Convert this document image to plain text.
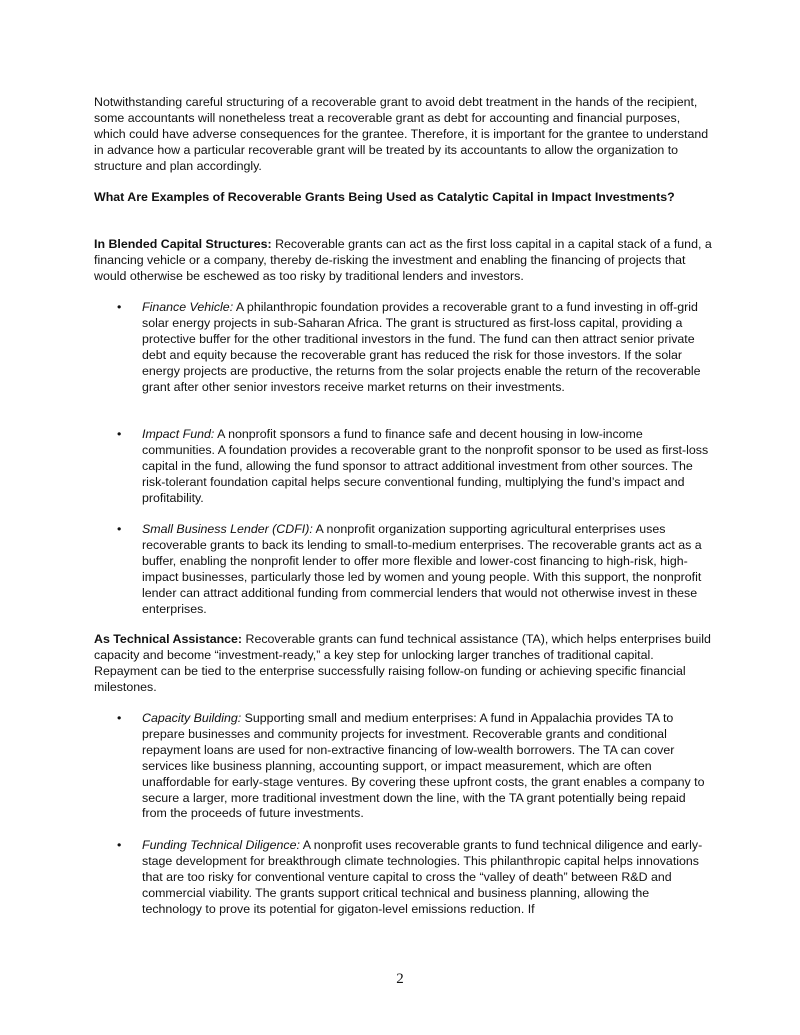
Notwithstanding careful structuring of a recoverable grant to avoid debt treatment in the hands of the recipient, some accountants will nonetheless treat a recoverable grant as debt for accounting and financial purposes, which could have adverse consequences for the grantee. Therefore, it is important for the grantee to understand in advance how a particular recoverable grant will be treated by its accountants to allow the organization to structure and plan accordingly.

What Are Examples of Recoverable Grants Being Used as Catalytic Capital in Impact Investments?

In Blended Capital Structures: Recoverable grants can act as the first loss capital in a capital stack of a fund, a financing vehicle or a company, thereby de-risking the investment and enabling the financing of projects that would otherwise be eschewed as too risky by traditional lenders and investors.

•	Finance Vehicle: A philanthropic foundation provides a recoverable grant to a fund investing in off-grid solar energy projects in sub-Saharan Africa. The grant is structured as first-loss capital, providing a protective buffer for the other traditional investors in the fund. The fund can then attract senior private debt and equity because the recoverable grant has reduced the risk for those investors. If the solar energy projects are productive, the returns from the solar projects enable the return of the recoverable grant after other senior investors receive market returns on their investments.

•	Impact Fund: A nonprofit sponsors a fund to finance safe and decent housing in low-income communities. A foundation provides a recoverable grant to the nonprofit sponsor to be used as first-loss capital in the fund, allowing the fund sponsor to attract additional investment from other sources. The risk-tolerant foundation capital helps secure conventional funding, multiplying the fund’s impact and profitability.

•	Small Business Lender (CDFI): A nonprofit organization supporting agricultural enterprises uses recoverable grants to back its lending to small-to-medium enterprises. The recoverable grants act as a buffer, enabling the nonprofit lender to offer more flexible and lower-cost financing to high-risk, high-impact businesses, particularly those led by women and young people. With this support, the nonprofit lender can attract additional funding from commercial lenders that would not otherwise invest in these enterprises.

As Technical Assistance: Recoverable grants can fund technical assistance (TA), which helps enterprises build capacity and become “investment-ready,” a key step for unlocking larger tranches of traditional capital. Repayment can be tied to the enterprise successfully raising follow-on funding or achieving specific financial milestones.

•	Capacity Building: Supporting small and medium enterprises: A fund in Appalachia provides TA to prepare businesses and community projects for investment. Recoverable grants and conditional repayment loans are used for non-extractive financing of low-wealth borrowers. The TA can cover services like business planning, accounting support, or impact measurement, which are often unaffordable for early-stage ventures. By covering these upfront costs, the grant enables a company to secure a larger, more traditional investment down the line, with the TA grant potentially being repaid from the proceeds of future investments.

•	Funding Technical Diligence: A nonprofit uses recoverable grants to fund technical diligence and early-stage development for breakthrough climate technologies. This philanthropic capital helps innovations that are too risky for conventional venture capital to cross the “valley of death” between R&D and commercial viability. The grants support critical technical and business planning, allowing the technology to prove its potential for gigaton-level emissions reduction. If

2
